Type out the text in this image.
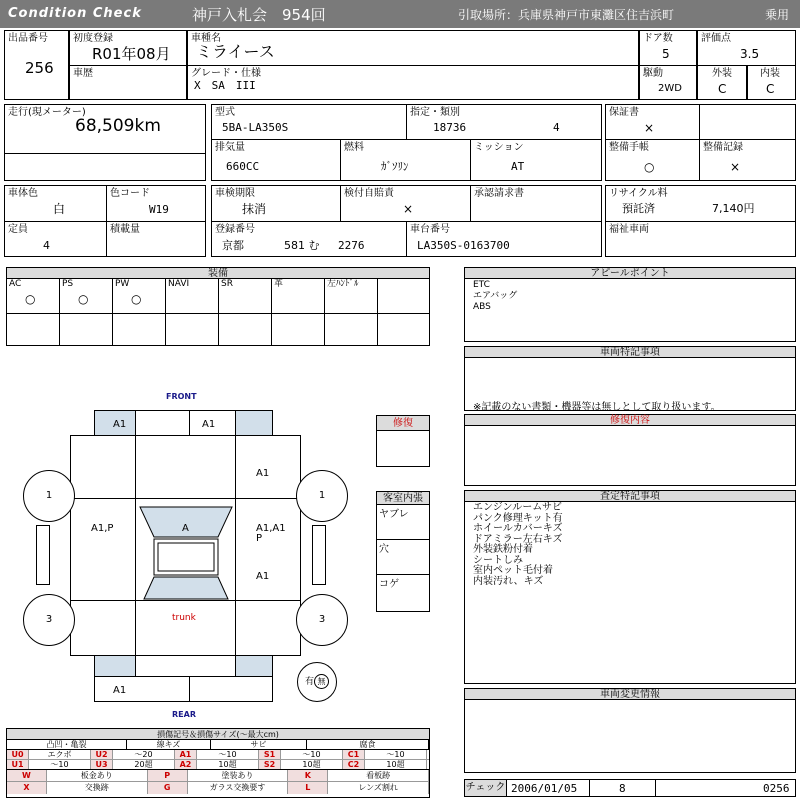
Condition Check	神戸入札会　954回	引取場所：兵庫県神戸市東灘区住吉浜町	乗用
出品番号
256
初度登録
R01年08月
車歴
車種名
ミライース
グレード・仕様
X　SA　III
ドア数
5
評価点
3.5
駆動
2WD
外装
C
内装
C
走行(現メーター)
68,509km
型式
5BA-LA350S
指定・類別
18736	4
排気量
660CC
燃料
ｶﾞｿﾘﾝ
ミッション
AT
保証書
×
整備手帳
○
整備記録
×
車体色
白
色コード
W19
定員
4
積載量
車検期限
抹消
検付自賠責
×
承認請求書
登録番号
京都	581 む 2276
車台番号
LA350S-0163700
リサイクル料
預託済	7,140円
福祉車両
装備
AC
○
PS
○
PW
○
NAVI	SR	革	左ﾊﾝﾄﾞﾙ
アピールポイント
ETC
エアバッグ
ABS
車両特記事項
※記載のない書類・機器等は無しとして取り扱います。
修復内容
査定特記事項
エンジンルームサビ
パンク修理キット有
ホイールカバーキズ
ドアミラー左右キズ
外装鉄粉付着
シートしみ
室内ペット毛付着
内装汚れ、キズ
車両変更情報
チェック 2006/01/05	8	0256
修復
客室内張
ヤブレ
穴
コゲ
FRONT
REAR
A1	A1
A1
A1,P	A	A1,A1
P
A1
trunk
A1
1	1
3	3
有 無
損傷記号＆損傷サイズ(～最大cm)
凸凹・亀裂	線キズ	サビ	腐食
U0	エクボ	U2	～20	A1	～10	S1	～10	C1	～10
U1	～10	U3	20超	A2	10超	S2	10超	C2	10超
W	板金あり	P	塗装あり	K	看板跡
X	交換跡	G	ガラス交換要す	L	レンズ割れ
